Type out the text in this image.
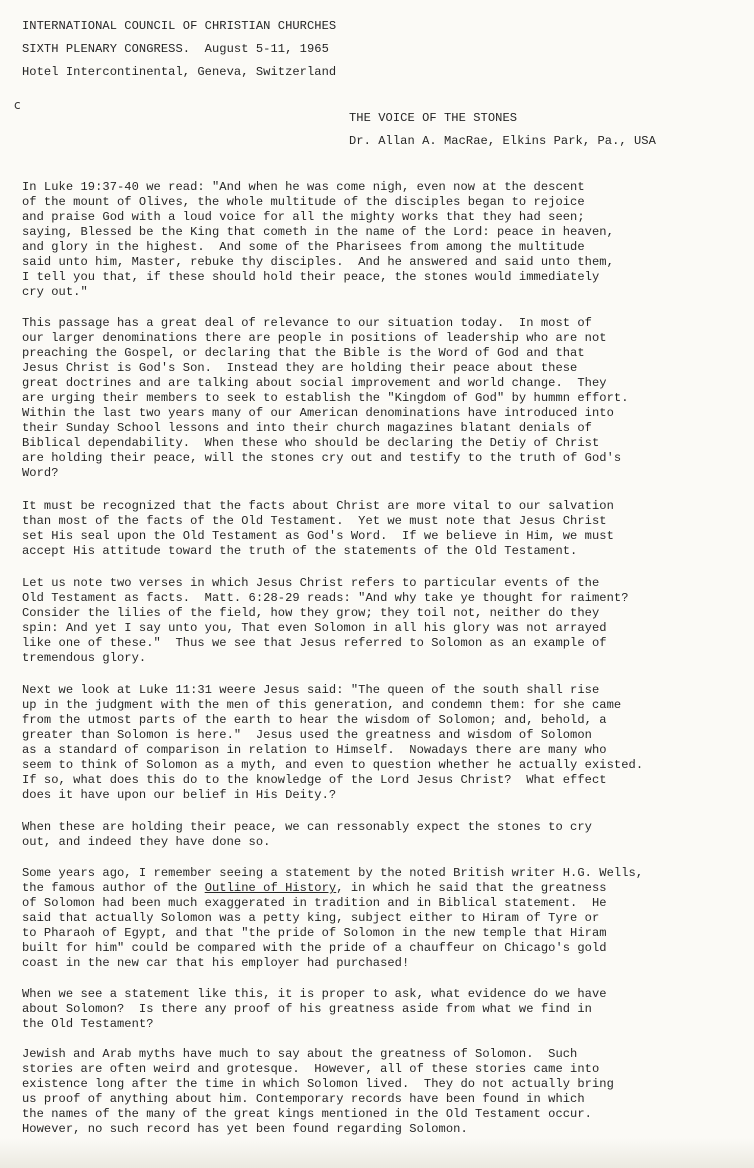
INTERNATIONAL COUNCIL OF CHRISTIAN CHURCHES
SIXTH PLENARY CONGRESS.  August 5-11, 1965
Hotel Intercontinental, Geneva, Switzerland
c
THE VOICE OF THE STONES
Dr. Allan A. MacRae, Elkins Park, Pa., USA
In Luke 19:37-40 we read: "And when he was come nigh, even now at the descent
of the mount of Olives, the whole multitude of the disciples began to rejoice
and praise God with a loud voice for all the mighty works that they had seen;
saying, Blessed be the King that cometh in the name of the Lord: peace in heaven,
and glory in the highest.  And some of the Pharisees from among the multitude
said unto him, Master, rebuke thy disciples.  And he answered and said unto them,
I tell you that, if these should hold their peace, the stones would immediately
cry out."
This passage has a great deal of relevance to our situation today.  In most of
our larger denominations there are people in positions of leadership who are not
preaching the Gospel, or declaring that the Bible is the Word of God and that
Jesus Christ is God's Son.  Instead they are holding their peace about these
great doctrines and are talking about social improvement and world change.  They
are urging their members to seek to establish the "Kingdom of God" by hummn effort.
Within the last two years many of our American denominations have introduced into
their Sunday School lessons and into their church magazines blatant denials of
Biblical dependability.  When these who should be declaring the Detiy of Christ
are holding their peace, will the stones cry out and testify to the truth of God's
Word?
It must be recognized that the facts about Christ are more vital to our salvation
than most of the facts of the Old Testament.  Yet we must note that Jesus Christ
set His seal upon the Old Testament as God's Word.  If we believe in Him, we must
accept His attitude toward the truth of the statements of the Old Testament.
Let us note two verses in which Jesus Christ refers to particular events of the
Old Testament as facts.  Matt. 6:28-29 reads: "And why take ye thought for raiment?
Consider the lilies of the field, how they grow; they toil not, neither do they
spin: And yet I say unto you, That even Solomon in all his glory was not arrayed
like one of these."  Thus we see that Jesus referred to Solomon as an example of
tremendous glory.
Next we look at Luke 11:31 weere Jesus said: "The queen of the south shall rise
up in the judgment with the men of this generation, and condemn them: for she came
from the utmost parts of the earth to hear the wisdom of Solomon; and, behold, a
greater than Solomon is here."  Jesus used the greatness and wisdom of Solomon
as a standard of comparison in relation to Himself.  Nowadays there are many who
seem to think of Solomon as a myth, and even to question whether he actually existed.
If so, what does this do to the knowledge of the Lord Jesus Christ?  What effect
does it have upon our belief in His Deity.?
When these are holding their peace, we can ressonably expect the stones to cry
out, and indeed they have done so.
Some years ago, I remember seeing a statement by the noted British writer H.G. Wells,
the famous author of the Outline of History, in which he said that the greatness
of Solomon had been much exaggerated in tradition and in Biblical statement.  He
said that actually Solomon was a petty king, subject either to Hiram of Tyre or
to Pharaoh of Egypt, and that "the pride of Solomon in the new temple that Hiram
built for him" could be compared with the pride of a chauffeur on Chicago's gold
coast in the new car that his employer had purchased!
When we see a statement like this, it is proper to ask, what evidence do we have
about Solomon?  Is there any proof of his greatness aside from what we find in
the Old Testament?
Jewish and Arab myths have much to say about the greatness of Solomon.  Such
stories are often weird and grotesque.  However, all of these stories came into
existence long after the time in which Solomon lived.  They do not actually bring
us proof of anything about him. Contemporary records have been found in which
the names of the many of the great kings mentioned in the Old Testament occur.
However, no such record has yet been found regarding Solomon.
